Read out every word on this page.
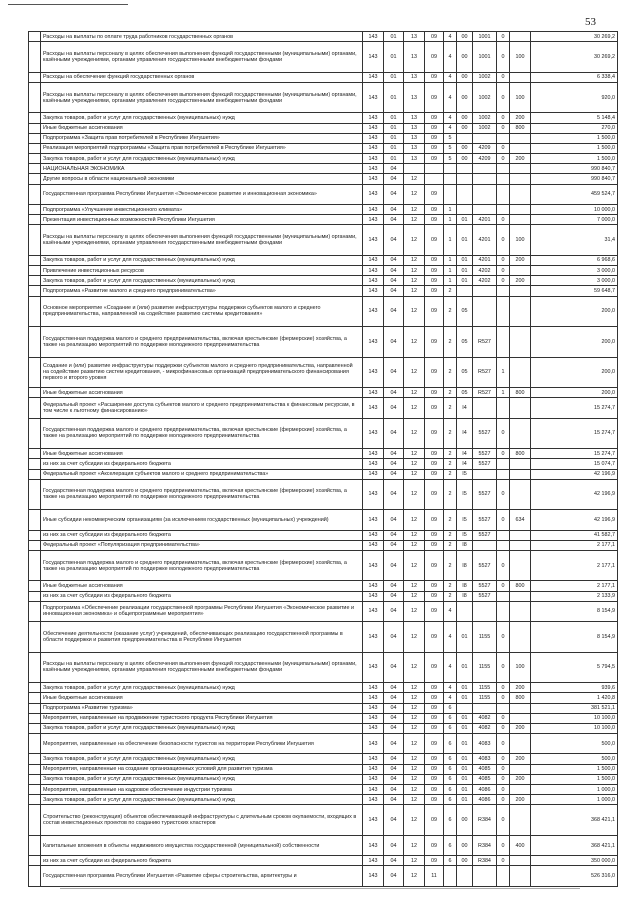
53
	Расходы на выплаты по оплате труда работников государственных органов	143	01	13	09	4	00	1001	0		30 269,2
	Расходы на выплаты персоналу в целях обеспечения выполнения функций государственными (муниципальными) органами, казёнными учреждениями, органами управления государственными внебюджетными фондами	143	01	13	09	4	00	1001	0	100	30 269,2
	Расходы на обеспечение функций государственных органов	143	01	13	09	4	00	1002	0		6 338,4
	Расходы на выплаты персоналу в целях обеспечения выполнения функций государственными (муниципальными) органами, казёнными учреждениями, органами управления государственными внебюджетными фондами	143	01	13	09	4	00	1002	0	100	920,0
	Закупка товаров, работ и услуг для государственных (муниципальных) нужд	143	01	13	09	4	00	1002	0	200	5 148,4
	Иные бюджетные ассигнования	143	01	13	09	4	00	1002	0	800	270,0
	Подпрограмма «Защита прав потребителей в Республике Ингушетия»	143	01	13	09	5					1 500,0
	Реализация мероприятий подпрограммы «Защита прав потребителей в Республике Ингушетия»	143	01	13	09	5	00	4209	0		1 500,0
	Закупка товаров, работ и услуг для государственных (муниципальных) нужд	143	01	13	09	5	00	4209	0	200	1 500,0
	НАЦИОНАЛЬНАЯ ЭКОНОМИКА	143	04								990 840,7
	Другие вопросы в области национальной экономики	143	04	12							990 840,7
	Государственная программа Республики Ингушетия «Экономическое развитие и инновационная экономика»	143	04	12	09						459 524,7
	Подпрограмма «Улучшение инвестиционного климата»	143	04	12	09	1					10 000,0
	Презентация инвестиционных возможностей Республики Ингушетия	143	04	12	09	1	01	4201	0		7 000,0
	Расходы на выплаты персоналу в целях обеспечения выполнения функций государственными (муниципальными) органами, казёнными учреждениями, органами управления государственными внебюджетными фондами	143	04	12	09	1	01	4201	0	100	31,4
	Закупка товаров, работ и услуг для государственных (муниципальных) нужд	143	04	12	09	1	01	4201	0	200	6 968,6
	Привлечение инвестиционных ресурсов	143	04	12	09	1	01	4202	0		3 000,0
	Закупка товаров, работ и услуг для государственных (муниципальных) нужд	143	04	12	09	1	01	4202	0	200	3 000,0
	Подпрограмма «Развитие малого и среднего предпринимательства»	143	04	12	09	2					59 648,7
	Основное мероприятие «Создание и (или) развитие инфраструктуры поддержки субъектов малого и среднего предпринимательства, направленной на содействие развитию системы кредитования»	143	04	12	09	2	05				200,0
	Государственная поддержка малого и среднего предпринимательства, включая крестьянские (фермерские) хозяйства, а также на реализацию мероприятий по поддержке молодежного предпринимательства	143	04	12	09	2	05	R527			200,0
	Создание и (или) развитие инфраструктуры поддержки субъектов малого и среднего предпринимательства, направленной на содействие развитию систем кредитования, - микрофинансовых организаций предпринимательского финансирования первого и второго уровня	143	04	12	09	2	05	R527	1		200,0
	Иные бюджетные ассигнования	143	04	12	09	2	05	R527	1	800	200,0
	Федеральный проект «Расширение доступа субъектов малого и среднего предпринимательства к финансовым ресурсам, в том числе к льготному финансированию»	143	04	12	09	2	I4				15 274,7
	Государственная поддержка малого и среднего предпринимательства, включая крестьянские (фермерские) хозяйства, а также на реализацию мероприятий по поддержке молодежного предпринимательства	143	04	12	09	2	I4	5527	0		15 274,7
	Иные бюджетные ассигнования	143	04	12	09	2	I4	5527	0	800	15 274,7
	из них за счет субсидии из федерального бюджета	143	04	12	09	2	I4	5527			15 074,7
	Федеральный проект «Акселерация субъектов малого и среднего предпринимательства»	143	04	12	09	2	I5				42 196,9
	Государственная поддержка малого и среднего предпринимательства, включая крестьянские (фермерские) хозяйства, а также на реализацию мероприятий по поддержке молодежного предпринимательства	143	04	12	09	2	I5	5527	0		42 196,9
	Иные субсидии некоммерческим организациям (за исключением государственных (муниципальных) учреждений)	143	04	12	09	2	I5	5527	0	634	42 196,9
	из них за счет субсидии из федерального бюджета	143	04	12	09	2	I5	5527			41 582,7
	Федеральный проект «Популяризация предпринимательства»	143	04	12	09	2	I8				2 177,1
	Государственная поддержка малого и среднего предпринимательства, включая крестьянские (фермерские) хозяйства, а также на реализацию мероприятий по поддержке молодежного предпринимательства	143	04	12	09	2	I8	5527	0		2 177,1
	Иные бюджетные ассигнования	143	04	12	09	2	I8	5527	0	800	2 177,1
	из них за счет субсидии из федерального бюджета	143	04	12	09	2	I8	5527			2 133,9
	Подпрограмма «Обеспечение реализации государственной программы Республики Ингушетия «Экономическое развитие и инновационная экономика» и общепрограммные мероприятия»	143	04	12	09	4					8 154,9
	Обеспечение деятельности (оказание услуг) учреждений, обеспечивающих реализацию государственной программы в области поддержки и развития предпринимательства в Республике Ингушетия	143	04	12	09	4	01	1155	0		8 154,9
	Расходы на выплаты персоналу в целях обеспечения выполнения функций государственными (муниципальными) органами, казёнными учреждениями, органами управления государственными внебюджетными фондами	143	04	12	09	4	01	1155	0	100	5 794,5
	Закупка товаров, работ и услуг для государственных (муниципальных) нужд	143	04	12	09	4	01	1155	0	200	939,6
	Иные бюджетные ассигнования	143	04	12	09	4	01	1155	0	800	1 420,8
	Подпрограмма «Развитие туризма»	143	04	12	09	6					381 521,1
	Мероприятия, направленные на продвижение туристского продукта Республики Ингушетия	143	04	12	09	6	01	4082	0		10 100,0
	Закупка товаров, работ и услуг для государственных (муниципальных) нужд	143	04	12	09	6	01	4082	0	200	10 100,0
	Мероприятия, направленные на обеспечение безопасности туристов на территории Республики Ингушетия	143	04	12	09	6	01	4083	0		500,0
	Закупка товаров, работ и услуг для государственных (муниципальных) нужд	143	04	12	09	6	01	4083	0	200	500,0
	Мероприятия, направленные на создание организационных условий для развития туризма	143	04	12	09	6	01	4085	0		1 500,0
	Закупка товаров, работ и услуг для государственных (муниципальных) нужд	143	04	12	09	6	01	4085	0	200	1 500,0
	Мероприятия, направленные на кадровое обеспечение индустрии туризма	143	04	12	09	6	01	4086	0		1 000,0
	Закупка товаров, работ и услуг для государственных (муниципальных) нужд	143	04	12	09	6	01	4086	0	200	1 000,0
	Строительство (реконструкция) объектов обеспечивающей инфраструктуры с длительным сроком окупаемости, входящих в состав инвестиционных проектов по созданию туристских кластеров	143	04	12	09	6	00	R384	0		368 421,1
	Капитальные вложения в объекты недвижимого имущества государственной (муниципальной) собственности	143	04	12	09	6	00	R384	0	400	368 421,1
	из них за счет субсидии из федерального бюджета	143	04	12	09	6	00	R384	0		350 000,0
	Государственная программа Республики Ингушетия «Развитие сферы строительства, архитектуры и	143	04	12	11						526 316,0
